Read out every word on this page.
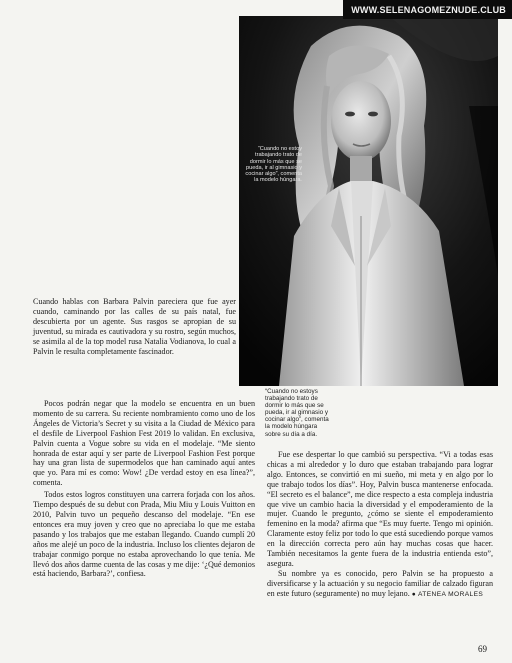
WWW.SELENAGOMEZNUDE.CLUB
“Cuando no estoy trabajando trato de dormir lo más que se pueda, ir al gimnasio y cocinar algo”, comenta la modelo húngara.

Cuando hablas con Barbara Palvin pareciera que fue ayer cuando, caminando por las calles de su país natal, fue descubierta por un agente. Sus rasgos se apropian de su juventud, su mirada es cautivadora y su rostro, según muchos, se asimila al de la top model rusa Natalia Vodianova, lo cual a Palvin le resulta completamente fascinador.

“Cuando no estoys trabajando trato de dormir lo más que se pueda, ir al gimnasio y cocinar algo”, comenta la modelo húngara sobre su día a día.

Pocos podrán negar que la modelo se encuentra en un buen momento de su carrera. Su reciente nombramiento como uno de los Ángeles de Victoria’s Secret y su visita a la Ciudad de México para el desfile de Liverpool Fashion Fest 2019 lo validan. En exclusiva, Palvin cuenta a Vogue sobre su vida en el modelaje. “Me siento honrada de estar aquí y ser parte de Liverpool Fashion Fest porque hay una gran lista de supermodelos que han caminado aquí antes que yo. Para mí es como: Wow! ¿De verdad estoy en esa línea?”, comenta.

Todos estos logros constituyen una carrera forjada con los años. Tiempo después de su debut con Prada, Miu Miu y Louis Vuitton en 2010, Palvin tuvo un pequeño descanso del modelaje. “En ese entonces era muy joven y creo que no apreciaba lo que me estaba pasando y los trabajos que me estaban llegando. Cuando cumplí 20 años me alejé un poco de la industria. Incluso los clientes dejaron de trabajar conmigo porque no estaba aprovechando lo que tenía. Me llevó dos años darme cuenta de las cosas y me dije: ‘¿Qué demonios está haciendo, Barbara?’, confiesa.

Fue ese despertar lo que cambió su perspectiva. “Vi a todas esas chicas a mi alrededor y lo duro que estaban trabajando para lograr algo. Entonces, se convirtió en mi sueño, mi meta y en algo por lo que trabajo todos los días”. Hoy, Palvin busca mantenerse enfocada. “El secreto es el balance”, me dice respecto a esta compleja industria que vive un cambio hacia la diversidad y el empoderamiento de la mujer. Cuando le pregunto, ¿cómo se siente el empoderamiento femenino en la moda? afirma que “Es muy fuerte. Tengo mi opinión. Claramente estoy feliz por todo lo que está sucediendo porque vamos en la dirección correcta pero aún hay muchas cosas que hacer. También necesitamos la gente fuera de la industria entienda esto”, asegura.

Su nombre ya es conocido, pero Palvin se ha propuesto a diversificarse y la actuación y su negocio familiar de calzado figuran en este futuro (seguramente) no muy lejano. ● ATENEA MORALES

69
